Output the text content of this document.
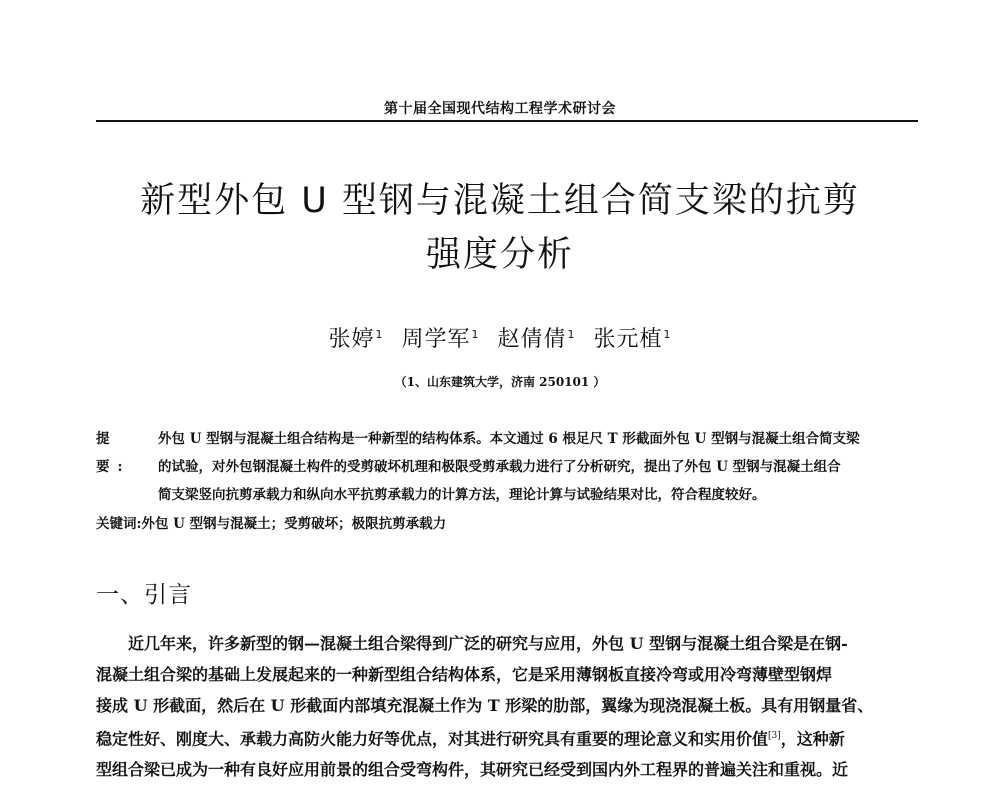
第十届全国现代结构工程学术研讨会
新型外包 U 型钢与混凝土组合简支梁的抗剪
强度分析
张婷$^1$ 周学军$^1$ 赵倩倩$^1$ 张元植$^1$
（1、山东建筑大学，济南 250101 ）
提 要:
外包 U 型钢与混凝土组合结构是一种新型的结构体系。本文通过 6 根足尺 T 形截面外包 U 型钢与混凝土组合简支梁
的试验，对外包钢混凝土构件的受剪破坏机理和极限受剪承载力进行了分析研究，提出了外包 U 型钢与混凝土组合
简支梁竖向抗剪承载力和纵向水平抗剪承载力的计算方法，理论计算与试验结果对比，符合程度较好。
关键词:外包 U 型钢与混凝土；受剪破坏；极限抗剪承载力
一、引言
近几年来，许多新型的钢—混凝土组合梁得到广泛的研究与应用，外包 U 型钢与混凝土组合梁是在钢-
混凝土组合梁的基础上发展起来的一种新型组合结构体系，它是采用薄钢板直接冷弯或用冷弯薄壁型钢焊
接成 U 形截面，然后在 U 形截面内部填充混凝土作为 T 形梁的肋部，翼缘为现浇混凝土板。具有用钢量省、
稳定性好、刚度大、承载力高防火能力好等优点，对其进行研究具有重要的理论意义和实用价值[3]，这种新
型组合梁已成为一种有良好应用前景的组合受弯构件，其研究已经受到国内外工程界的普遍关注和重视。近
